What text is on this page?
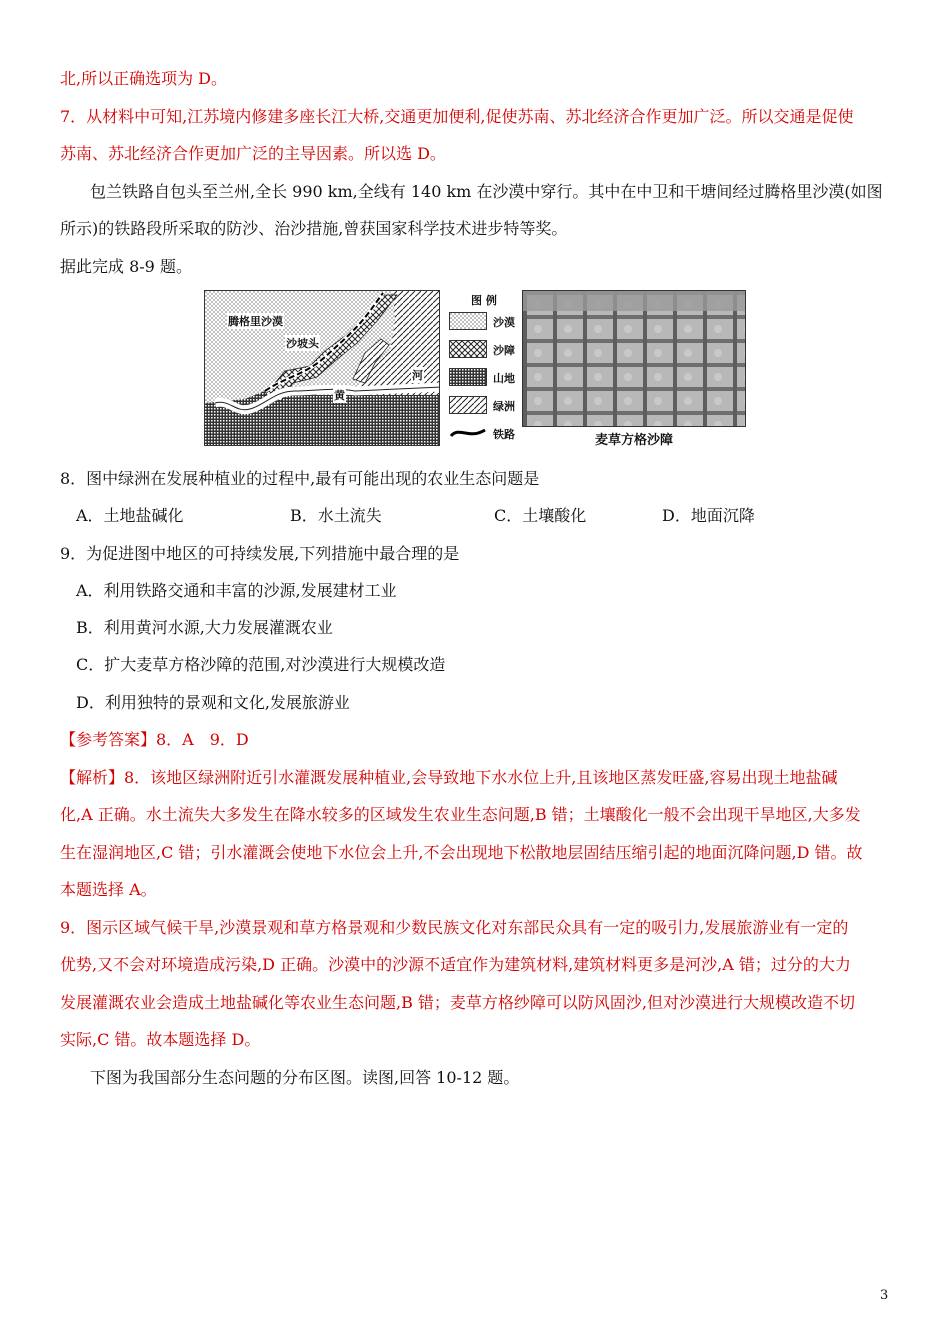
北,所以正确选项为 D。
7．从材料中可知,江苏境内修建多座长江大桥,交通更加便利,促使苏南、苏北经济合作更加广泛。所以交通是促使
苏南、苏北经济合作更加广泛的主导因素。所以选 D。
包兰铁路自包头至兰州,全长 990 km,全线有 140 km 在沙漠中穿行。其中在中卫和干塘间经过腾格里沙漠(如图
所示)的铁路段所采取的防沙、治沙措施,曾获国家科学技术进步特等奖。
据此完成 8-9 题。
腾格里沙漠
沙坡头
黄
河
图 例
沙漠
沙障
山地
绿洲
铁路	麦草方格沙障
8．图中绿洲在发展种植业的过程中,最有可能出现的农业生态问题是
A．土地盐碱化	B．水土流失	C．土壤酸化	D．地面沉降
9．为促进图中地区的可持续发展,下列措施中最合理的是
A．利用铁路交通和丰富的沙源,发展建材工业
B．利用黄河水源,大力发展灌溉农业
C．扩大麦草方格沙障的范围,对沙漠进行大规模改造
D．利用独特的景观和文化,发展旅游业
【参考答案】8．A　9．D
【解析】8．该地区绿洲附近引水灌溉发展种植业,会导致地下水水位上升,且该地区蒸发旺盛,容易出现土地盐碱
化,A 正确。水土流失大多发生在降水较多的区域发生农业生态问题,B 错；土壤酸化一般不会出现干旱地区,大多发
生在湿润地区,C 错；引水灌溉会使地下水位会上升,不会出现地下松散地层固结压缩引起的地面沉降问题,D 错。故
本题选择 A。
9．图示区域气候干旱,沙漠景观和草方格景观和少数民族文化对东部民众具有一定的吸引力,发展旅游业有一定的
优势,又不会对环境造成污染,D 正确。沙漠中的沙源不适宜作为建筑材料,建筑材料更多是河沙,A 错；过分的大力
发展灌溉农业会造成土地盐碱化等农业生态问题,B 错；麦草方格纱障可以防风固沙,但对沙漠进行大规模改造不切
实际,C 错。故本题选择 D。
下图为我国部分生态问题的分布区图。读图,回答 10-12 题。
3
